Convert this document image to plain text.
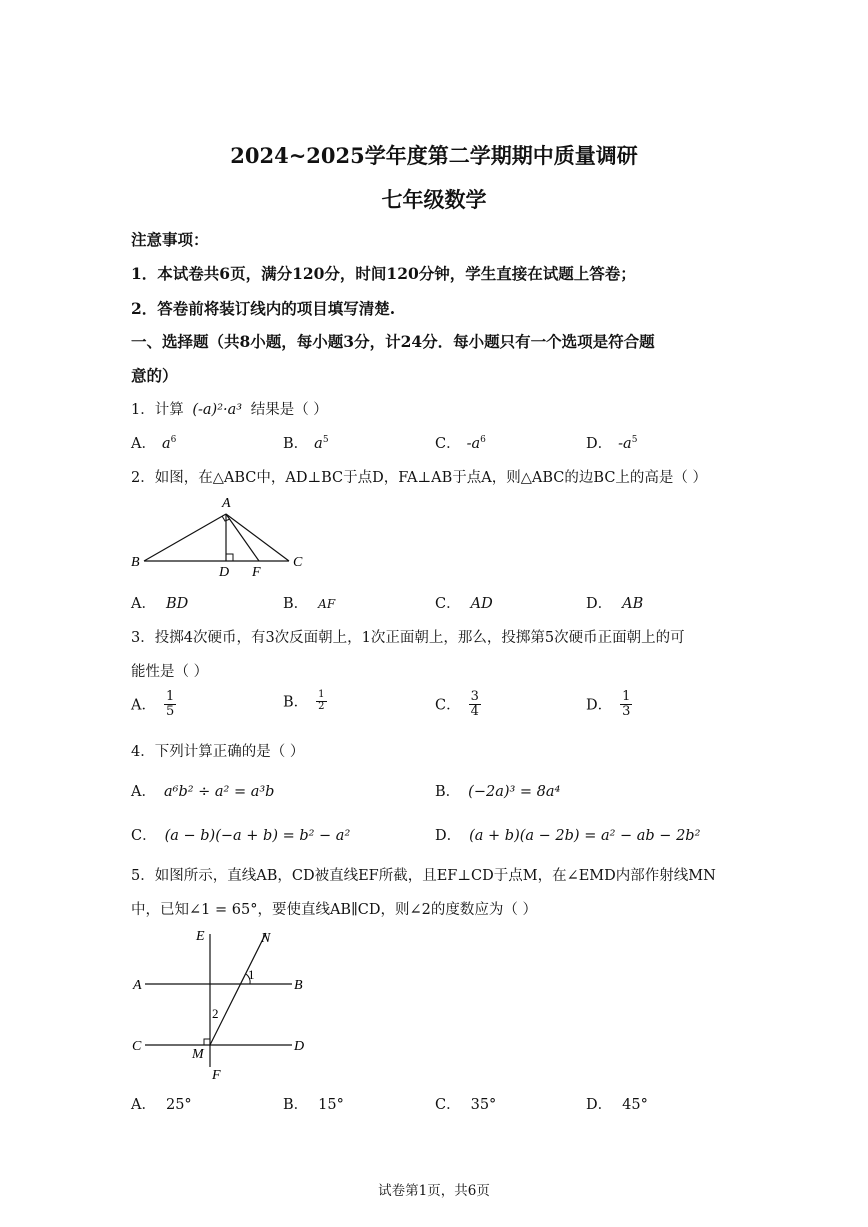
2024~2025学年度第二学期期中质量调研
七年级数学
注意事项：
1．本试卷共6页，满分120分，时间120分钟，学生直接在试题上答卷；
2．答卷前将装订线内的项目填写清楚.
一、选择题（共8小题，每小题3分，计24分．每小题只有一个选项是符合题
意的）
1．计算 (-a)²·a³ 结果是（ ）
A． $a^6$	B． $a^5$	C． $-a^6$	D． $-a^5$
2．如图，在△ABC中，AD⊥BC于点D，FA⊥AB于点A，则△ABC的边BC上的高是（ ）
A
B	C
D F
A． BD	B． AF	C． AD	D． AB
3．投掷4次硬币，有3次反面朝上，1次正面朝上，那么，投掷第5次硬币正面朝上的可
能性是（ ）
A． $\frac{1}{5}$	B． $\frac{1}{2}$	C． $\frac{3}{4}$	D． $\frac{1}{3}$
4．下列计算正确的是（ ）
A． a⁶b² ÷ a² = a³b	B． (−2a)³ = 8a⁴
C． (a − b)(−a + b) = b² − a²	D． (a + b)(a − 2b) = a² − ab − 2b²
5．如图所示，直线AB，CD被直线EF所截，且EF⊥CD于点M，在∠EMD内部作射线MN
中，已知∠1 = 65°，要使直线AB∥CD，则∠2的度数应为（ ）
E	N
A	B
C	D
M
F
1
2
A． 25°	B． 15°	C． 35°	D． 45°
试卷第1页，共6页
